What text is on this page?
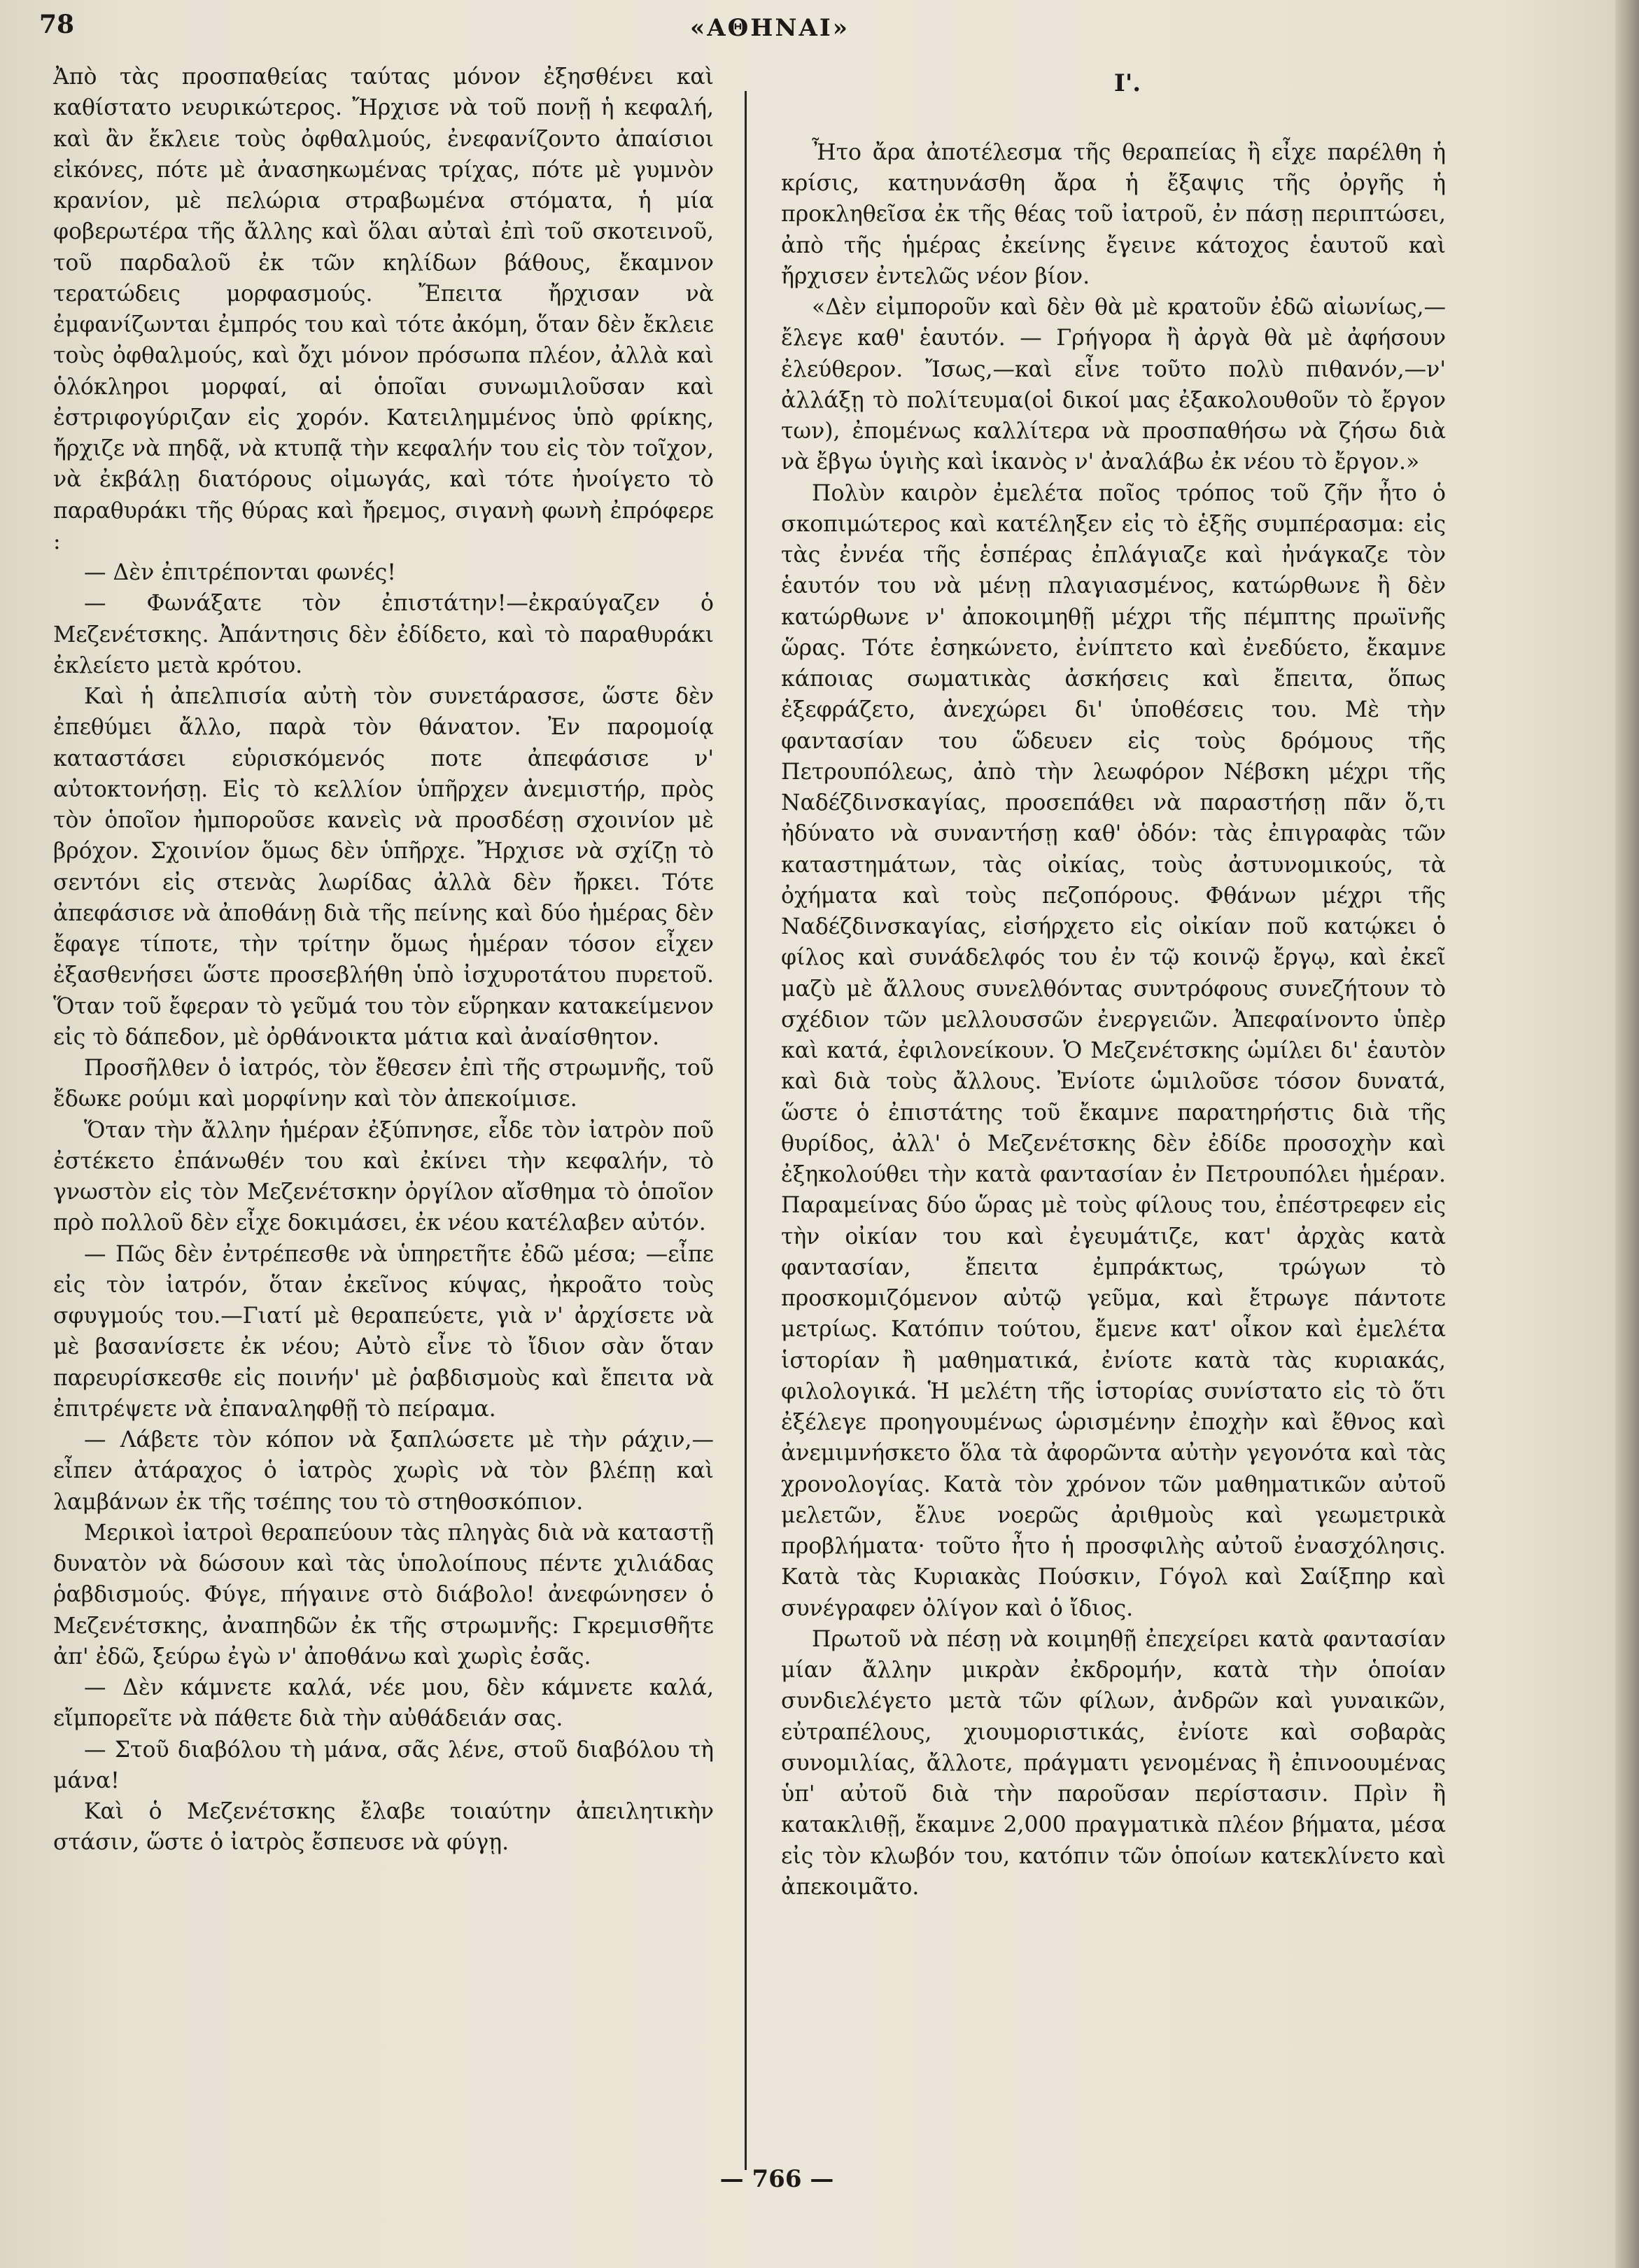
78	«ΑΘΗΝΑΙ»

Ἀπὸ τὰς προσπαθείας ταύτας μόνον ἐξησθένει καὶ καθίστατο νευρικώτερος. Ἤρχισε νὰ τοῦ πονῇ ἡ κεφαλή, καὶ ἂν ἔκλειε τοὺς ὀφθαλμούς, ἐνεφανίζοντο ἀπαίσιοι εἰκόνες, πότε μὲ ἀνασηκωμένας τρίχας, πότε μὲ γυμνὸν κρανίον, μὲ πελώρια στραβωμένα στόματα, ἡ μία φοβερωτέρα τῆς ἄλλης καὶ ὅλαι αὐταὶ ἐπὶ τοῦ σκοτεινοῦ, τοῦ παρδαλοῦ ἐκ τῶν κηλίδων βάθους, ἔκαμνον τερατώδεις μορφασμούς. Ἔπειτα ἤρχισαν νὰ ἐμφανίζωνται ἐμπρός του καὶ τότε ἀκόμη, ὅταν δὲν ἔκλειε τοὺς ὀφθαλμούς, καὶ ὄχι μόνον πρόσωπα πλέον, ἀλλὰ καὶ ὁλόκληροι μορφαί, αἱ ὁποῖαι συνωμιλοῦσαν καὶ ἐστριφογύριζαν εἰς χορόν. Κατειλημμένος ὑπὸ φρίκης, ἤρχιζε νὰ πηδᾷ, νὰ κτυπᾷ τὴν κεφαλήν του εἰς τὸν τοῖχον, νὰ ἐκβάλῃ διατόρους οἰμωγάς, καὶ τότε ἠνοίγετο τὸ παραθυράκι τῆς θύρας καὶ ἤρεμος, σιγανὴ φωνὴ ἐπρόφερε :

— Δὲν ἐπιτρέπονται φωνές!

— Φωνάξατε τὸν ἐπιστάτην!—ἐκραύγαζεν ὁ Μεζενέτσκης. Ἀπάντησις δὲν ἐδίδετο, καὶ τὸ παραθυράκι ἐκλείετο μετὰ κρότου.

Καὶ ἡ ἀπελπισία αὐτὴ τὸν συνετάρασσε, ὥστε δὲν ἐπεθύμει ἄλλο, παρὰ τὸν θάνατον. Ἐν παρομοίᾳ καταστάσει εὑρισκόμενός ποτε ἀπεφάσισε ν' αὐτοκτονήσῃ. Εἰς τὸ κελλίον ὑπῆρχεν ἀνεμιστήρ, πρὸς τὸν ὁποῖον ἠμποροῦσε κανεὶς νὰ προσδέσῃ σχοινίον μὲ βρόχον. Σχοινίον ὅμως δὲν ὑπῆρχε. Ἤρχισε νὰ σχίζῃ τὸ σεντόνι εἰς στενὰς λωρίδας ἀλλὰ δὲν ἤρκει. Τότε ἀπεφάσισε νὰ ἀποθάνῃ διὰ τῆς πείνης καὶ δύο ἡμέρας δὲν ἔφαγε τίποτε, τὴν τρίτην ὅμως ἡμέραν τόσον εἶχεν ἐξασθενήσει ὥστε προσεβλήθη ὑπὸ ἰσχυροτάτου πυρετοῦ. Ὅταν τοῦ ἔφεραν τὸ γεῦμά του τὸν εὕρηκαν κατακείμενον εἰς τὸ δάπεδον, μὲ ὀρθάνοικτα μάτια καὶ ἀναίσθητον.

Προσῆλθεν ὁ ἰατρός, τὸν ἔθεσεν ἐπὶ τῆς στρωμνῆς, τοῦ ἔδωκε ρούμι καὶ μορφίνην καὶ τὸν ἀπεκοίμισε.

Ὅταν τὴν ἄλλην ἡμέραν ἐξύπνησε, εἶδε τὸν ἰατρὸν ποῦ ἐστέκετο ἐπάνωθέν του καὶ ἐκίνει τὴν κεφαλήν, τὸ γνωστὸν εἰς τὸν Μεζενέτσκην ὀργίλον αἴσθημα τὸ ὁποῖον πρὸ πολλοῦ δὲν εἶχε δοκιμάσει, ἐκ νέου κατέλαβεν αὐτόν.

— Πῶς δὲν ἐντρέπεσθε νὰ ὑπηρετῆτε ἐδῶ μέσα; —εἶπε εἰς τὸν ἰατρόν, ὅταν ἐκεῖνος κύψας, ἠκροᾶτο τοὺς σφυγμούς του.—Γιατί μὲ θεραπεύετε, γιὰ ν' ἀρχίσετε νὰ μὲ βασανίσετε ἐκ νέου; Αὐτὸ εἶνε τὸ ἴδιον σὰν ὅταν παρευρίσκεσθε εἰς ποινήν' μὲ ῥαβδισμοὺς καὶ ἔπειτα νὰ ἐπιτρέψετε νὰ ἐπαναληφθῇ τὸ πείραμα.

— Λάβετε τὸν κόπον νὰ ξαπλώσετε μὲ τὴν ράχιν,—εἶπεν ἀτάραχος ὁ ἰατρὸς χωρὶς νὰ τὸν βλέπῃ καὶ λαμβάνων ἐκ τῆς τσέπης του τὸ στηθοσκόπιον.

Μερικοὶ ἰατροὶ θεραπεύουν τὰς πληγὰς διὰ νὰ καταστῇ δυνατὸν νὰ δώσουν καὶ τὰς ὑπολοίπους πέντε χιλιάδας ῥαβδισμούς. Φύγε, πήγαινε στὸ διάβολο! ἀνεφώνησεν ὁ Μεζενέτσκης, ἀναπηδῶν ἐκ τῆς στρωμνῆς: Γκρεμισθῆτε ἀπ' ἐδῶ, ξεύρω ἐγὼ ν' ἀποθάνω καὶ χωρὶς ἐσᾶς.

— Δὲν κάμνετε καλά, νέε μου, δὲν κάμνετε καλά, εἴμπορεῖτε νὰ πάθετε διὰ τὴν αὐθάδειάν σας.

— Στοῦ διαβόλου τὴ μάνα, σᾶς λένε, στοῦ διαβόλου τὴ μάνα!

Καὶ ὁ Μεζενέτσκης ἔλαβε τοιαύτην ἀπειλητικὴν στάσιν, ὥστε ὁ ἰατρὸς ἔσπευσε νὰ φύγῃ.

Ι'.

Ἦτο ἄρα ἀποτέλεσμα τῆς θεραπείας ἢ εἶχε παρέλθη ἡ κρίσις, κατηυνάσθη ἄρα ἡ ἔξαψις τῆς ὀργῆς ἡ προκληθεῖσα ἐκ τῆς θέας τοῦ ἰατροῦ, ἐν πάσῃ περιπτώσει, ἀπὸ τῆς ἡμέρας ἐκείνης ἔγεινε κάτοχος ἑαυτοῦ καὶ ἤρχισεν ἐντελῶς νέον βίον.

«Δὲν εἰμποροῦν καὶ δὲν θὰ μὲ κρατοῦν ἐδῶ αἰωνίως,—ἔλεγε καθ' ἑαυτόν. — Γρήγορα ἢ ἀργὰ θὰ μὲ ἀφήσουν ἐλεύθερον. Ἴσως,—καὶ εἶνε τοῦτο πολὺ πιθανόν,—ν' ἀλλάξῃ τὸ πολίτευμα(οἱ δικοί μας ἐξακολουθοῦν τὸ ἔργον των), ἐπομένως καλλίτερα νὰ προσπαθήσω νὰ ζήσω διὰ νὰ ἔβγω ὑγιὴς καὶ ἱκανὸς ν' ἀναλάβω ἐκ νέου τὸ ἔργον.»

Πολὺν καιρὸν ἐμελέτα ποῖος τρόπος τοῦ ζῆν ἦτο ὁ σκοπιμώτερος καὶ κατέληξεν εἰς τὸ ἑξῆς συμπέρασμα: εἰς τὰς ἐννέα τῆς ἑσπέρας ἐπλάγιαζε καὶ ἠνάγκαζε τὸν ἑαυτόν του νὰ μένῃ πλαγιασμένος, κατώρθωνε ἢ δὲν κατώρθωνε ν' ἀποκοιμηθῇ μέχρι τῆς πέμπτης πρωϊνῆς ὥρας. Τότε ἐσηκώνετο, ἐνίπτετο καὶ ἐνεδύετο, ἔκαμνε κάποιας σωματικὰς ἀσκήσεις καὶ ἔπειτα, ὅπως ἐξεφράζετο, ἀνεχώρει δι' ὑποθέσεις του. Μὲ τὴν φαντασίαν του ὥδευεν εἰς τοὺς δρόμους τῆς Πετρουπόλεως, ἀπὸ τὴν λεωφόρον Νέβσκη μέχρι τῆς Ναδέζδινσκαγίας, προσεπάθει νὰ παραστήσῃ πᾶν ὅ,τι ἠδύνατο νὰ συναντήσῃ καθ' ὁδόν: τὰς ἐπιγραφὰς τῶν καταστημάτων, τὰς οἰκίας, τοὺς ἀστυνομικούς, τὰ ὀχήματα καὶ τοὺς πεζοπόρους. Φθάνων μέχρι τῆς Ναδέζδινσκαγίας, εἰσήρχετο εἰς οἰκίαν ποῦ κατῴκει ὁ φίλος καὶ συνάδελφός του ἐν τῷ κοινῷ ἔργῳ, καὶ ἐκεῖ μαζὺ μὲ ἄλλους συνελθόντας συντρόφους συνεζήτουν τὸ σχέδιον τῶν μελλουσσῶν ἐνεργειῶν. Ἀπεφαίνοντο ὑπὲρ καὶ κατά, ἐφιλονείκουν. Ὁ Μεζενέτσκης ὡμίλει δι' ἑαυτὸν καὶ διὰ τοὺς ἄλλους. Ἐνίοτε ὡμιλοῦσε τόσον δυνατά, ὥστε ὁ ἐπιστάτης τοῦ ἔκαμνε παρατηρήστις διὰ τῆς θυρίδος, ἀλλ' ὁ Μεζενέτσκης δὲν ἐδίδε προσοχὴν καὶ ἐξηκολούθει τὴν κατὰ φαντασίαν ἐν Πετρουπόλει ἡμέραν. Παραμείνας δύο ὥρας μὲ τοὺς φίλους του, ἐπέστρεφεν εἰς τὴν οἰκίαν του καὶ ἐγευμάτιζε, κατ' ἀρχὰς κατὰ φαντασίαν, ἔπειτα ἐμπράκτως, τρώγων τὸ προσκομιζόμενον αὐτῷ γεῦμα, καὶ ἔτρωγε πάντοτε μετρίως. Κατόπιν τούτου, ἔμενε κατ' οἶκον καὶ ἐμελέτα ἱστορίαν ἢ μαθηματικά, ἐνίοτε κατὰ τὰς κυριακάς, φιλολογικά. Ἡ μελέτη τῆς ἱστορίας συνίστατο εἰς τὸ ὅτι ἐξέλεγε προηγουμένως ὡρισμένην ἐποχὴν καὶ ἔθνος καὶ ἀνεμιμνήσκετο ὅλα τὰ ἀφορῶντα αὐτὴν γεγονότα καὶ τὰς χρονολογίας. Κατὰ τὸν χρόνον τῶν μαθηματικῶν αὐτοῦ μελετῶν, ἔλυε νοερῶς ἀριθμοὺς καὶ γεωμετρικὰ προβλήματα· τοῦτο ἦτο ἡ προσφιλὴς αὐτοῦ ἐνασχόλησις. Κατὰ τὰς Κυριακὰς Πούσκιν, Γόγολ καὶ Σαίξπηρ καὶ συνέγραφεν ὀλίγον καὶ ὁ ἴδιος.

Πρωτοῦ νὰ πέσῃ νὰ κοιμηθῇ ἐπεχείρει κατὰ φαντασίαν μίαν ἄλλην μικρὰν ἐκδρομήν, κατὰ τὴν ὁποίαν συνδιελέγετο μετὰ τῶν φίλων, ἀνδρῶν καὶ γυναικῶν, εὐτραπέλους, χιουμοριστικάς, ἐνίοτε καὶ σοβαρὰς συνομιλίας, ἄλλοτε, πράγματι γενομένας ἢ ἐπινοουμένας ὑπ' αὐτοῦ διὰ τὴν παροῦσαν περίστασιν. Πρὶν ἢ κατακλιθῇ, ἔκαμνε 2,000 πραγματικὰ πλέον βήματα, μέσα εἰς τὸν κλωβόν του, κατόπιν τῶν ὁποίων κατεκλίνετο καὶ ἀπεκοιμᾶτο.

— 766 —
